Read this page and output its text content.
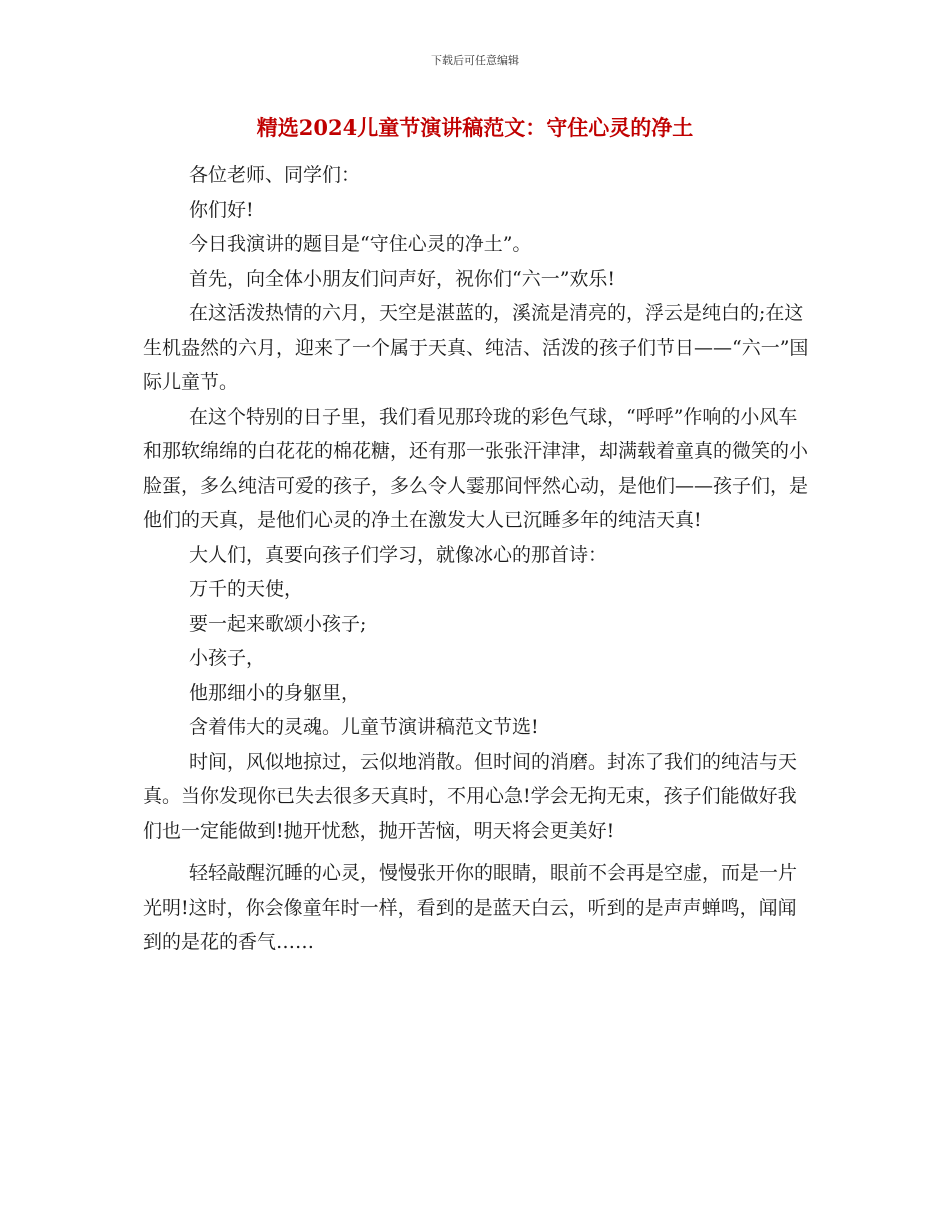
下载后可任意编辑
精选2024儿童节演讲稿范文：守住心灵的净土

各位老师、同学们：

你们好!

今日我演讲的题目是“守住心灵的净土”。

首先，向全体小朋友们问声好，祝你们“六一”欢乐!

在这活泼热情的六月，天空是湛蓝的，溪流是清亮的，浮云是纯白的;在这生机盎然的六月，迎来了一个属于天真、纯洁、活泼的孩子们节日——“六一”国际儿童节。

在这个特别的日子里，我们看见那玲珑的彩色气球，“呼呼”作响的小风车和那软绵绵的白花花的棉花糖，还有那一张张汗津津，却满载着童真的微笑的小脸蛋，多么纯洁可爱的孩子，多么令人霎那间怦然心动，是他们——孩子们，是他们的天真，是他们心灵的净土在激发大人已沉睡多年的纯洁天真!

大人们，真要向孩子们学习，就像冰心的那首诗：

万千的天使，

要一起来歌颂小孩子;

小孩子，

他那细小的身躯里，

含着伟大的灵魂。儿童节演讲稿范文节选!

时间，风似地掠过，云似地消散。但时间的消磨。封冻了我们的纯洁与天真。当你发现你已失去很多天真时，不用心急!学会无拘无束，孩子们能做好我们也一定能做到!抛开忧愁，抛开苦恼，明天将会更美好!

轻轻敲醒沉睡的心灵，慢慢张开你的眼睛，眼前不会再是空虚，而是一片光明!这时，你会像童年时一样，看到的是蓝天白云，听到的是声声蝉鸣，闻闻到的是花的香气……
